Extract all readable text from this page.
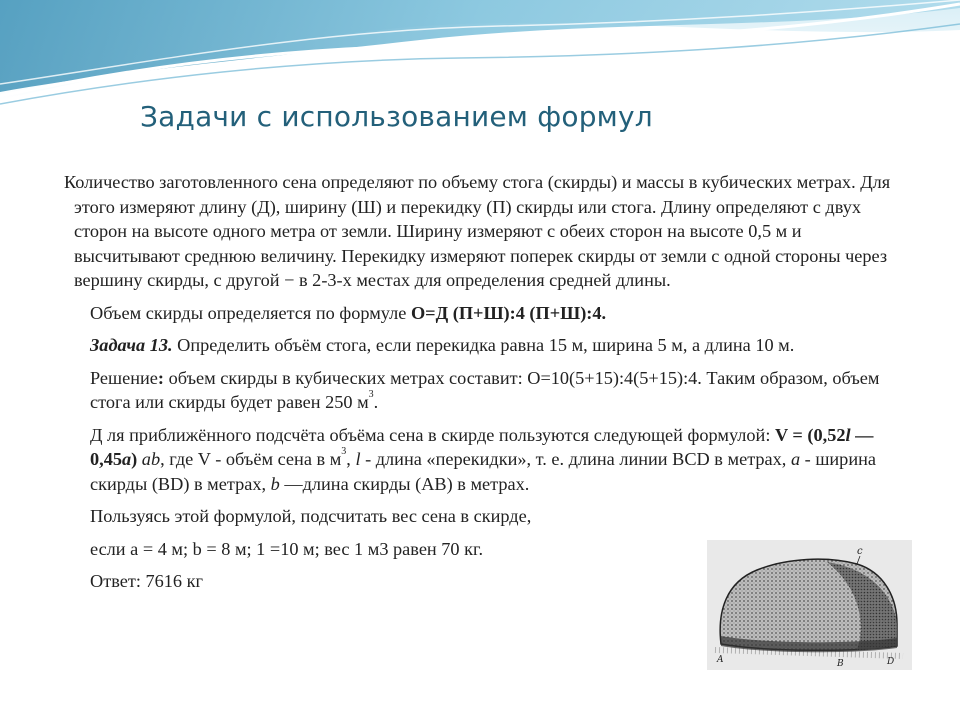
Задачи с использованием формул

Количество заготовленного сена определяют по объему стога (скирды) и массы в кубических метрах. Для этого измеряют длину (Д), ширину (Ш) и перекидку (П) скирды или стога. Длину определяют с двух сторон на высоте одного метра от земли. Ширину измеряют с обеих сторон на высоте 0,5 м и высчитывают среднюю величину. Перекидку измеряют поперек скирды от земли с одной стороны через вершину скирды, с другой − в 2-3-х местах для определения средней длины.

Объем скирды определяется по формуле О=Д (П+Ш):4 (П+Ш):4.

Задача 13. Определить объём стога, если перекидка равна 15 м, ширина 5 м, а длина 10 м.

Решение: объем скирды в кубических метрах составит: О=10(5+15):4(5+15):4. Таким образом, объем стога или скирды будет равен 250 $м^3$.

Д ля приближённого подсчёта объёма сена в скирде пользуются следующей формулой: V = (0,52l — 0,45a) ab, где V - объём сена в $м^3$, l - длина «перекидки», т. е. длина линии BCD в метрах, a - ширина скирды (BD) в метрах, b —длина скирды (АВ) в метрах.

Пользуясь этой формулой, подсчитать вес сена в скирде,

если а = 4 м; b = 8 м; 1 =10 м; вес 1 м3 равен 70 кг.

Ответ: 7616 кг

c
A	B	D
